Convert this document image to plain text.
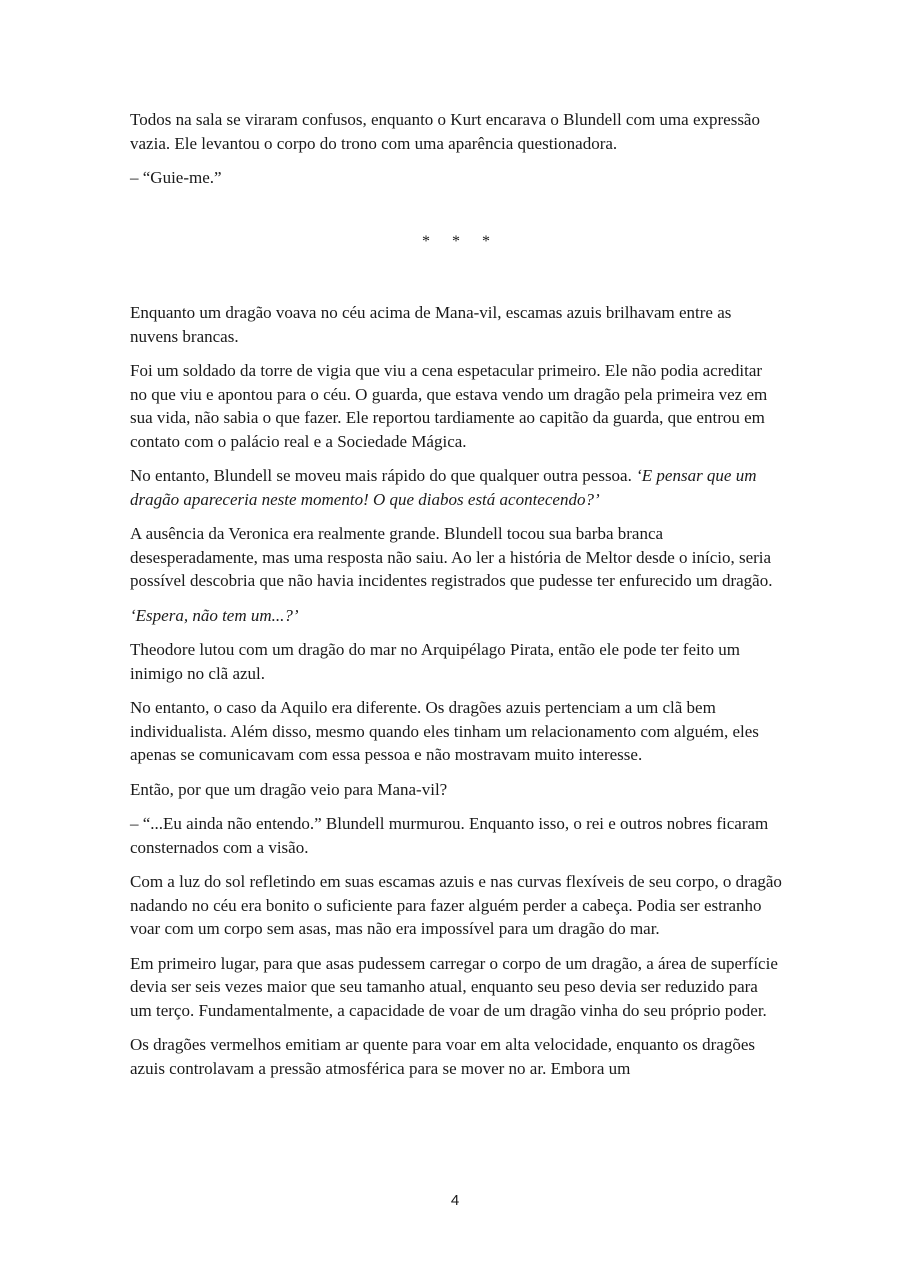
Todos na sala se viraram confusos, enquanto o Kurt encarava o Blundell com uma expressão vazia. Ele levantou o corpo do trono com uma aparência questionadora.

– “Guie-me.”

* * *

Enquanto um dragão voava no céu acima de Mana-vil, escamas azuis brilhavam entre as nuvens brancas.

Foi um soldado da torre de vigia que viu a cena espetacular primeiro. Ele não podia acreditar no que viu e apontou para o céu. O guarda, que estava vendo um dragão pela primeira vez em sua vida, não sabia o que fazer. Ele reportou tardiamente ao capitão da guarda, que entrou em contato com o palácio real e a Sociedade Mágica.

No entanto, Blundell se moveu mais rápido do que qualquer outra pessoa. ‘E pensar que um dragão apareceria neste momento! O que diabos está acontecendo?’

A ausência da Veronica era realmente grande. Blundell tocou sua barba branca desesperadamente, mas uma resposta não saiu. Ao ler a história de Meltor desde o início, seria possível descobria que não havia incidentes registrados que pudesse ter enfurecido um dragão.

‘Espera, não tem um...?’

Theodore lutou com um dragão do mar no Arquipélago Pirata, então ele pode ter feito um inimigo no clã azul.

No entanto, o caso da Aquilo era diferente. Os dragões azuis pertenciam a um clã bem individualista. Além disso, mesmo quando eles tinham um relacionamento com alguém, eles apenas se comunicavam com essa pessoa e não mostravam muito interesse.

Então, por que um dragão veio para Mana-vil?

– “...Eu ainda não entendo.” Blundell murmurou. Enquanto isso, o rei e outros nobres ficaram consternados com a visão.

Com a luz do sol refletindo em suas escamas azuis e nas curvas flexíveis de seu corpo, o dragão nadando no céu era bonito o suficiente para fazer alguém perder a cabeça. Podia ser estranho voar com um corpo sem asas, mas não era impossível para um dragão do mar.

Em primeiro lugar, para que asas pudessem carregar o corpo de um dragão, a área de superfície devia ser seis vezes maior que seu tamanho atual, enquanto seu peso devia ser reduzido para um terço. Fundamentalmente, a capacidade de voar de um dragão vinha do seu próprio poder.

Os dragões vermelhos emitiam ar quente para voar em alta velocidade, enquanto os dragões azuis controlavam a pressão atmosférica para se mover no ar. Embora um

4
